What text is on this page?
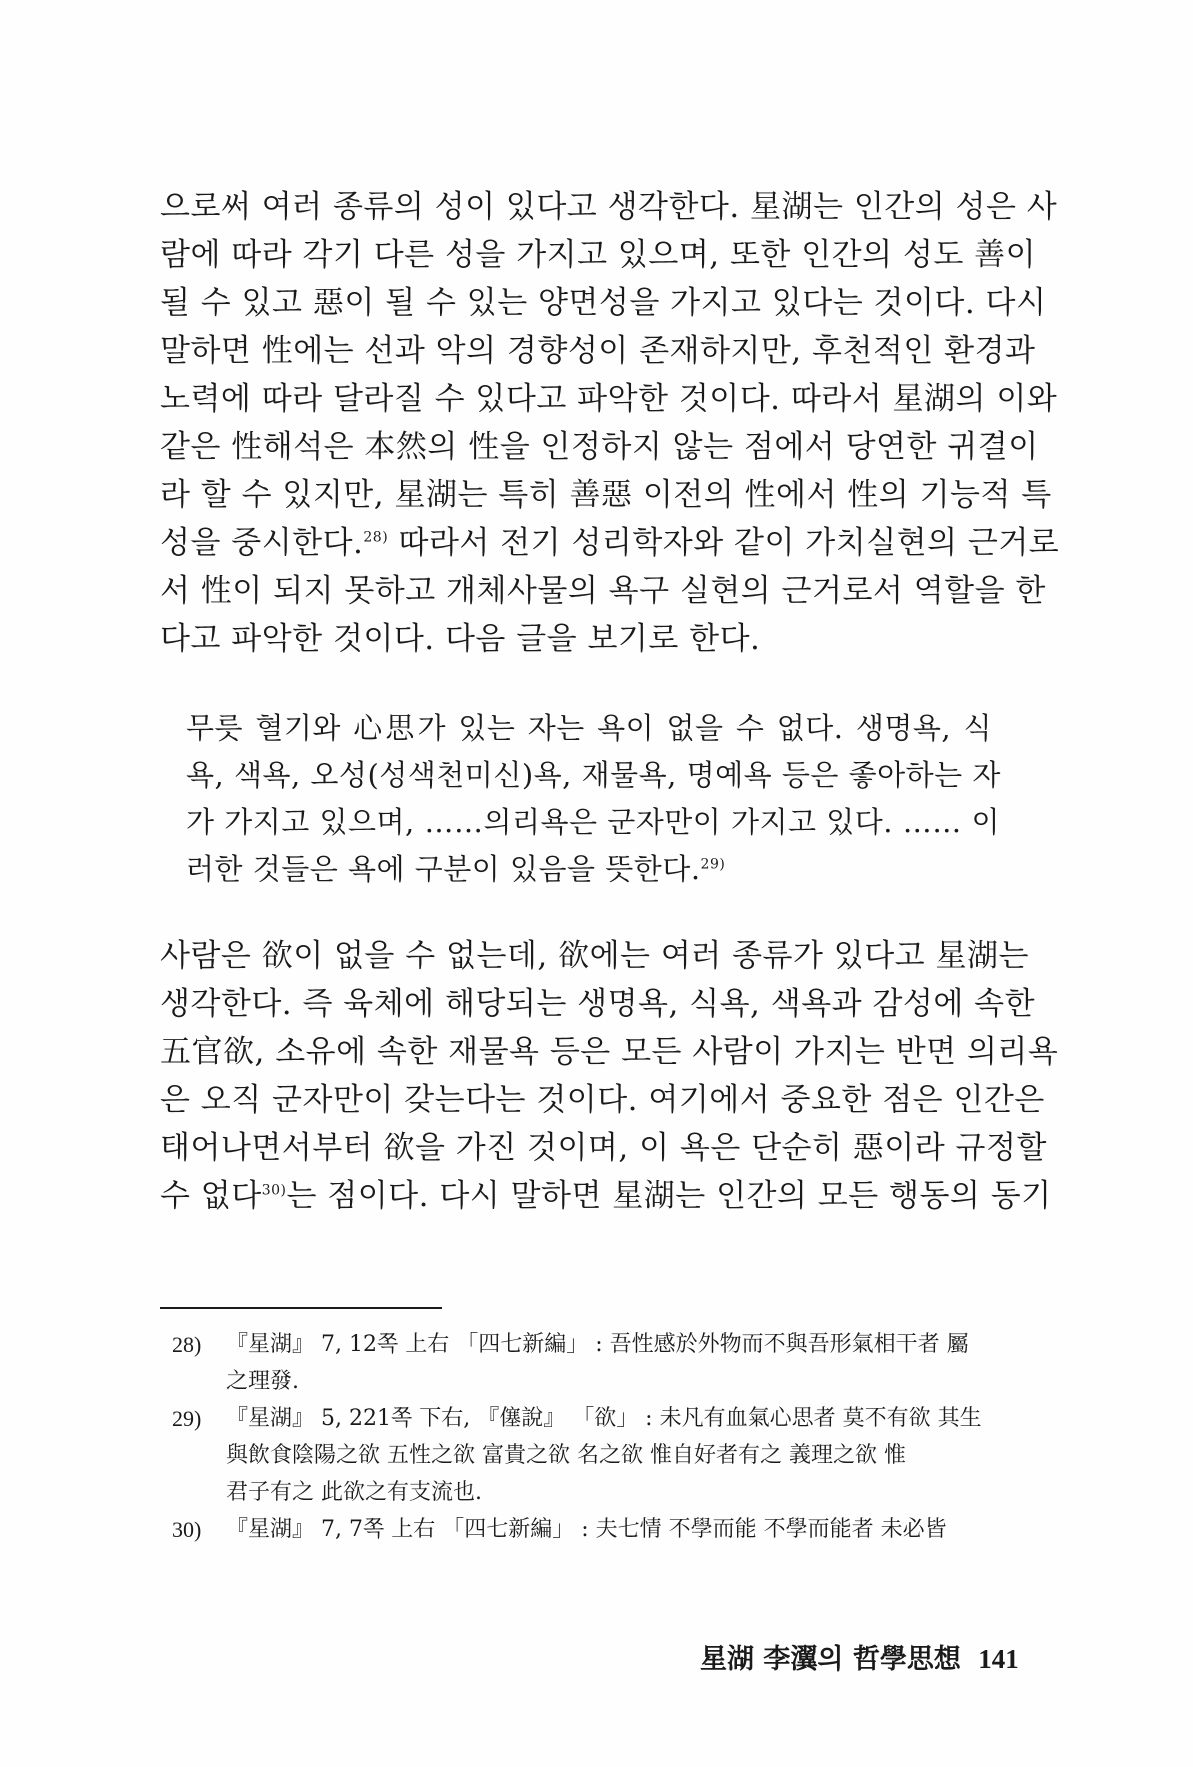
으로써 여러 종류의 성이 있다고 생각한다. 星湖는 인간의 성은 사
람에 따라 각기 다른 성을 가지고 있으며, 또한 인간의 성도 善이
될 수 있고 惡이 될 수 있는 양면성을 가지고 있다는 것이다. 다시
말하면 性에는 선과 악의 경향성이 존재하지만, 후천적인 환경과
노력에 따라 달라질 수 있다고 파악한 것이다. 따라서 星湖의 이와
같은 性해석은 本然의 性을 인정하지 않는 점에서 당연한 귀결이
라 할 수 있지만, 星湖는 특히 善惡 이전의 性에서 性의 기능적 특
성을 중시한다.$^{28)}$ 따라서 전기 성리학자와 같이 가치실현의 근거로
서 性이 되지 못하고 개체사물의 욕구 실현의 근거로서 역할을 한
다고 파악한 것이다. 다음 글을 보기로 한다.
무릇 혈기와 心思가 있는 자는 욕이 없을 수 없다. 생명욕, 식
욕, 색욕, 오성(성색천미신)욕, 재물욕, 명예욕 등은 좋아하는 자
가 가지고 있으며, ……의리욕은 군자만이 가지고 있다. …… 이
러한 것들은 욕에 구분이 있음을 뜻한다.$^{29)}$
사람은 欲이 없을 수 없는데, 欲에는 여러 종류가 있다고 星湖는
생각한다. 즉 육체에 해당되는 생명욕, 식욕, 색욕과 감성에 속한
五官欲, 소유에 속한 재물욕 등은 모든 사람이 가지는 반면 의리욕
은 오직 군자만이 갖는다는 것이다. 여기에서 중요한 점은 인간은
태어나면서부터 欲을 가진 것이며, 이 욕은 단순히 惡이라 규정할
수 없다$^{30)}$는 점이다. 다시 말하면 星湖는 인간의 모든 행동의 동기
28) 『星湖』 7, 12쪽 上右 「四七新編」 : 吾性感於外物而不與吾形氣相干者 屬
之理發.
29) 『星湖』 5, 221쪽 下右, 『僿說』 「欲」 : 未凡有血氣心思者 莫不有欲 其生
與飲食陰陽之欲 五性之欲 富貴之欲 名之欲 惟自好者有之 義理之欲 惟
君子有之 此欲之有支流也.
30) 『星湖』 7, 7쪽 上右 「四七新編」 : 夫七情 不學而能 不學而能者 未必皆
星湖 李瀷의 哲學思想 141
